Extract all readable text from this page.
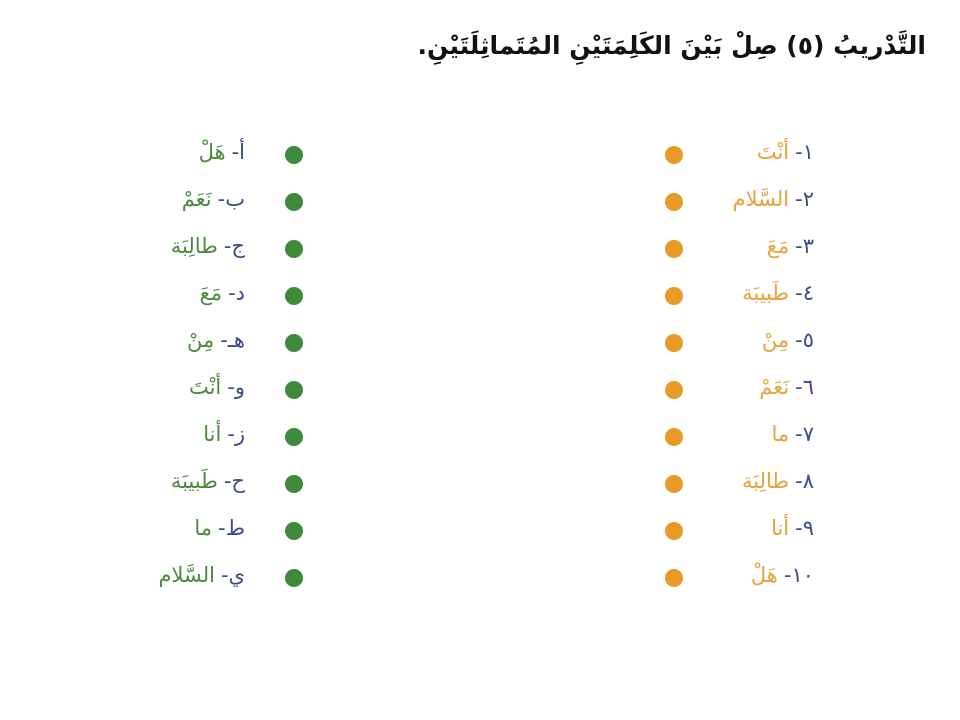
التَّدْريبُ (٥) صِلْ بَيْنَ الكَلِمَتَيْنِ المُتَماثِلَتَيْنِ.
١-أنْتَ
٢-السَّلام
٣-مَعَ
٤-طَبيبَة
٥-مِنْ
٦-نَعَمْ
٧-ما
٨-طالِبَة
٩-أنا
١٠-هَلْ
أ-هَلْ
ب-نَعَمْ
ج-طالِبَة
د-مَعَ
هـ-مِنْ
و-أنْتَ
ز-أنا
ح-طَبيبَة
ط-ما
ي-السَّلام
